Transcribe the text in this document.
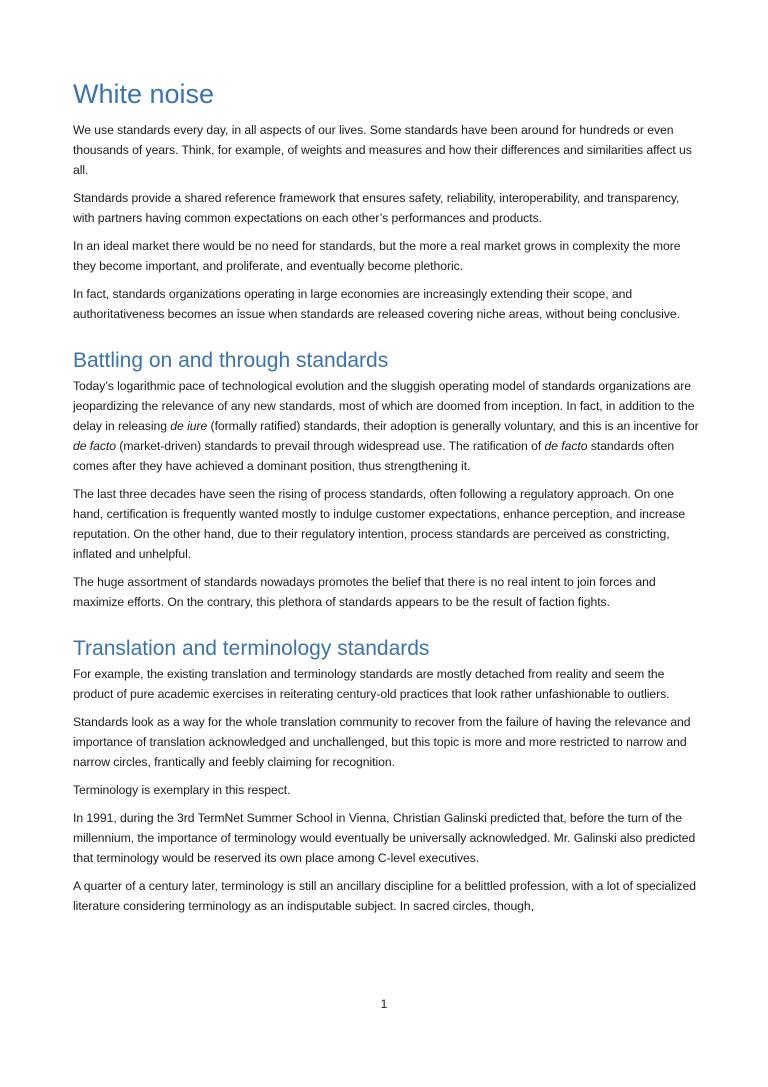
White noise

We use standards every day, in all aspects of our lives. Some standards have been around for hundreds or even thousands of years. Think, for example, of weights and measures and how their differences and similarities affect us all.

Standards provide a shared reference framework that ensures safety, reliability, interoperability, and transparency, with partners having common expectations on each other’s performances and products.

In an ideal market there would be no need for standards, but the more a real market grows in complexity the more they become important, and proliferate, and eventually become plethoric.

In fact, standards organizations operating in large economies are increasingly extending their scope, and authoritativeness becomes an issue when standards are released covering niche areas, without being conclusive.

Battling on and through standards

Today’s logarithmic pace of technological evolution and the sluggish operating model of standards organizations are jeopardizing the relevance of any new standards, most of which are doomed from inception. In fact, in addition to the delay in releasing de iure (formally ratified) standards, their adoption is generally voluntary, and this is an incentive for de facto (market-driven) standards to prevail through widespread use. The ratification of de facto standards often comes after they have achieved a dominant position, thus strengthening it.

The last three decades have seen the rising of process standards, often following a regulatory approach. On one hand, certification is frequently wanted mostly to indulge customer expectations, enhance perception, and increase reputation. On the other hand, due to their regulatory intention, process standards are perceived as constricting, inflated and unhelpful.

The huge assortment of standards nowadays promotes the belief that there is no real intent to join forces and maximize efforts. On the contrary, this plethora of standards appears to be the result of faction fights.

Translation and terminology standards

For example, the existing translation and terminology standards are mostly detached from reality and seem the product of pure academic exercises in reiterating century-old practices that look rather unfashionable to outliers.

Standards look as a way for the whole translation community to recover from the failure of having the relevance and importance of translation acknowledged and unchallenged, but this topic is more and more restricted to narrow and narrow circles, frantically and feebly claiming for recognition.

Terminology is exemplary in this respect.

In 1991, during the 3rd TermNet Summer School in Vienna, Christian Galinski predicted that, before the turn of the millennium, the importance of terminology would eventually be universally acknowledged. Mr. Galinski also predicted that terminology would be reserved its own place among C-level executives.

A quarter of a century later, terminology is still an ancillary discipline for a belittled profession, with a lot of specialized literature considering terminology as an indisputable subject. In sacred circles, though,

1
